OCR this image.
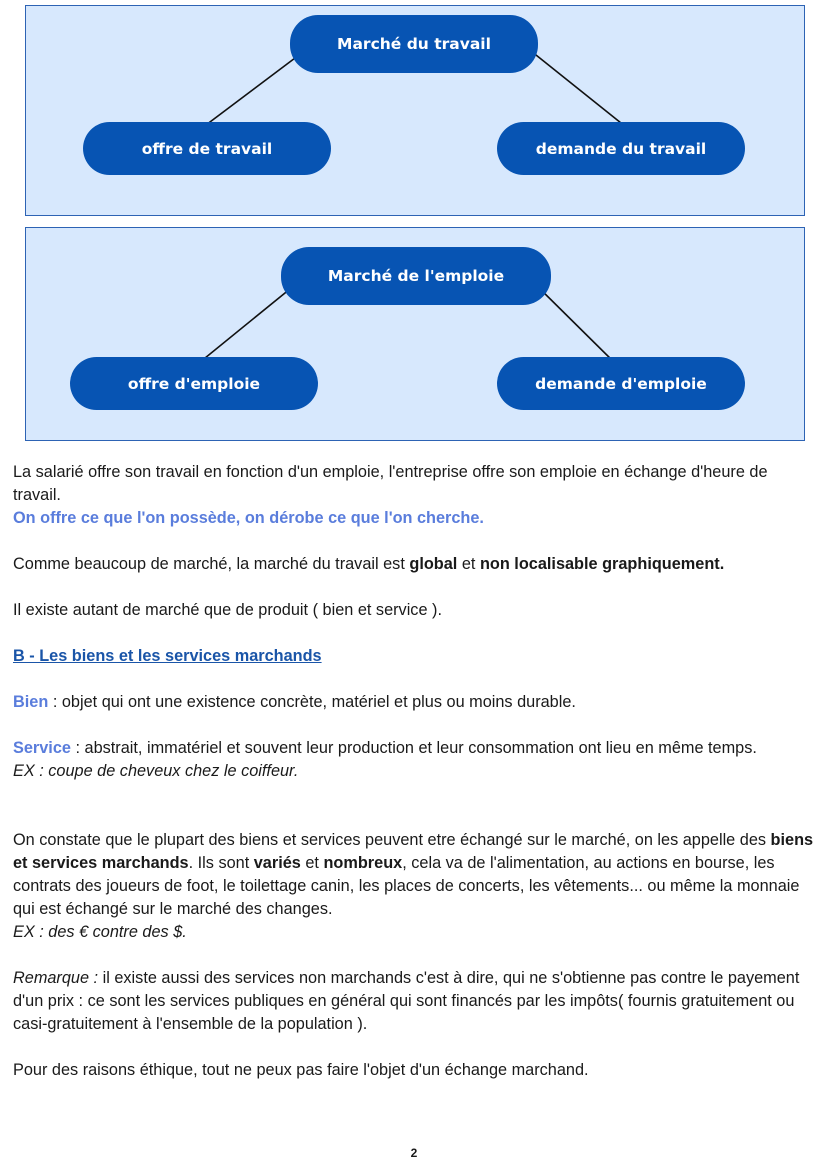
Marché du travail
offre de travail	demande du travail
Marché de l'emploie
offre d'emploie	demande d'emploie

La salarié offre son travail en fonction d'un emploie, l'entreprise offre son emploie en échange d'heure de travail.

On offre ce que l'on possède, on dérobe ce que l'on cherche.

Comme beaucoup de marché, la marché du travail est global et non localisable graphiquement.

Il existe autant de marché que de produit ( bien et service ).

B - Les biens et les services marchands

Bien : objet qui ont une existence concrète, matériel et plus ou moins durable.

Service : abstrait, immatériel et souvent leur production et leur consommation ont lieu en même temps.

EX : coupe de cheveux chez le coiffeur.

On constate que le plupart des biens et services peuvent etre échangé sur le marché, on les appelle des biens et services marchands. Ils sont variés et nombreux, cela va de l'alimentation, au actions en bourse, les contrats des joueurs de foot, le toilettage canin, les places de concerts, les vêtements... ou même la monnaie qui est échangé sur le marché des changes.

EX : des € contre des $.

Remarque : il existe aussi des services non marchands c'est à dire, qui ne s'obtienne pas contre le payement d'un prix : ce sont les services publiques en général qui sont financés par les impôts( fournis gratuitement ou casi-gratuitement à l'ensemble de la population ).

Pour des raisons éthique, tout ne peux pas faire l'objet d'un échange marchand.

2
